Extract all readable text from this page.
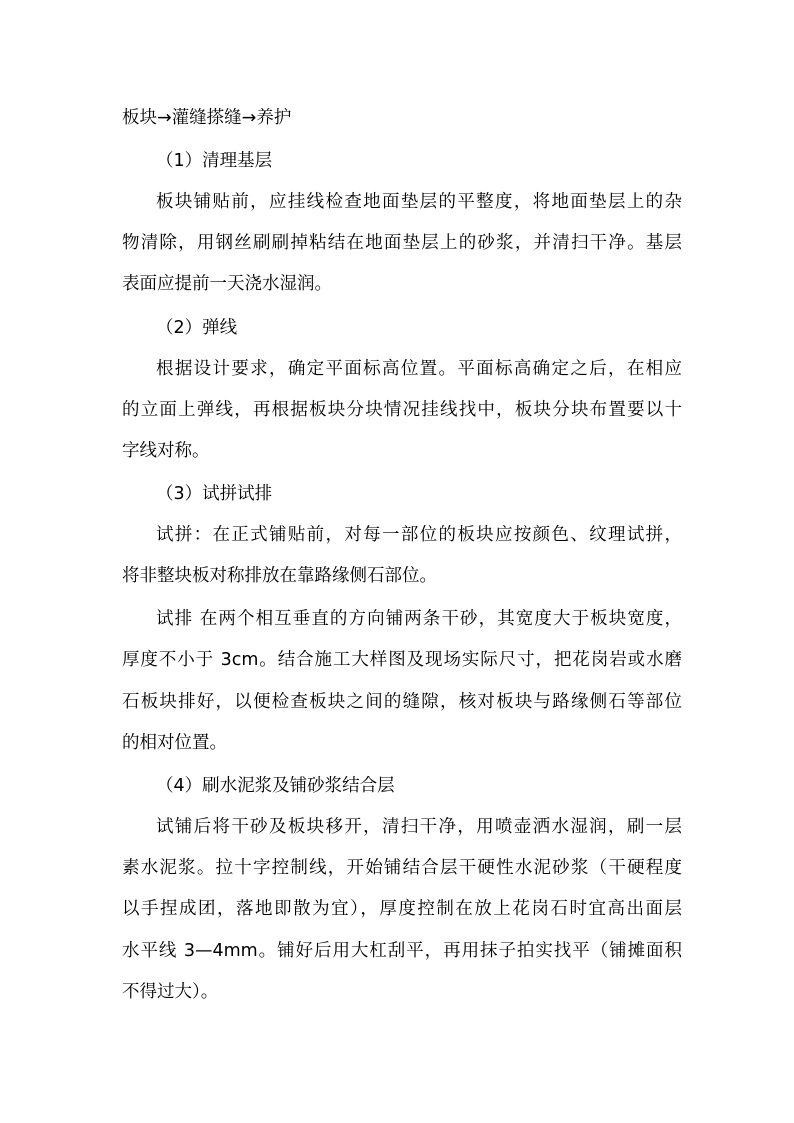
板块→灌缝搽缝→养护
（1）清理基层
板块铺贴前，应挂线检查地面垫层的平整度，将地面垫层上的杂
物清除，用钢丝刷刷掉粘结在地面垫层上的砂浆，并清扫干净。基层
表面应提前一天浇水湿润。
（2）弹线
根据设计要求，确定平面标高位置。平面标高确定之后，在相应
的立面上弹线，再根据板块分块情况挂线找中，板块分块布置要以十
字线对称。
（3）试拼试排
试拼：在正式铺贴前，对每一部位的板块应按颜色、纹理试拼，
将非整块板对称排放在靠路缘侧石部位。
试排 在两个相互垂直的方向铺两条干砂，其宽度大于板块宽度，
厚度不小于 3cm。结合施工大样图及现场实际尺寸，把花岗岩或水磨
石板块排好，以便检查板块之间的缝隙，核对板块与路缘侧石等部位
的相对位置。
（4）刷水泥浆及铺砂浆结合层
试铺后将干砂及板块移开，清扫干净，用喷壶洒水湿润，刷一层
素水泥浆。拉十字控制线，开始铺结合层干硬性水泥砂浆（干硬程度
以手捏成团，落地即散为宜），厚度控制在放上花岗石时宜高出面层
水平线 3—4mm。铺好后用大杠刮平，再用抹子拍实找平（铺摊面积
不得过大）。
